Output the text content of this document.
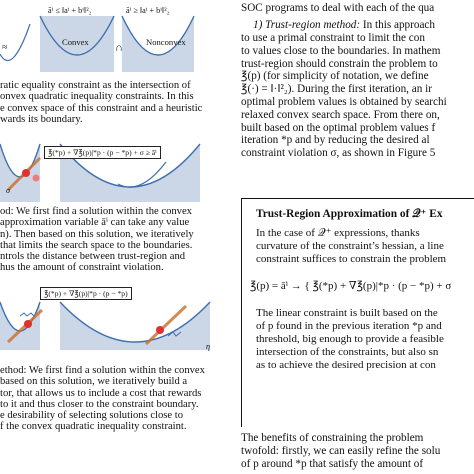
āⁱ ≤ ‖aⁱ + bⁱ‖²₂	āⁱ ≥ ‖aⁱ + bⁱ‖²₂
≈	∩
Convex	Nonconvex
ratic equality constraint as the intersection of
onvex quadratic inequality constraints. In this
e convex space of this constraint and a heuristic
wards its boundary.
℥(*p) + ∇℥(p)|*p · (p − *p) + σ ≥ āⁱ
σ
od: We first find a solution within the convex
approximation variable āⁱ can take any value
n). Then based on this solution, we iteratively
that limits the search space to the boundaries.
ntrols the distance between trust-region and
hus the amount of constraint violation.
℥(*p) + ∇℥(p)|*p · (p − *p)
η
ethod: We first find a solution within the convex
based on this solution, we iteratively build a
tor, that allows us to include a cost that rewards
to it and thus closer to the constraint boundary.
e desirability of selecting solutions close to
f the convex quadratic inequality constraint.
SOC programs to deal with each of the qua
1) Trust-region method: In this approach
to use a primal constraint to limit the con
to values close to the boundaries. In mathem
trust-region should constrain the problem to
℥(p) (for simplicity of notation, we define
℥(·) = ‖·‖²₂). During the first iteration, an ir
optimal problem values is obtained by searchi
relaxed convex search space. From there on,
built based on the optimal problem values f
iteration *p and by reducing the desired al
constraint violation σ, as shown in Figure 5
Trust-Region Approximation of 𝒬⁺ Ex
In the case of 𝒬⁺ expressions, thanks
curvature of the constraint’s hessian, a line
constraint suffices to constrain the problem
℥(p) = āⁱ → { ℥(*p) + ∇℥(p)|*p · (p − *p) + σ
The linear constraint is built based on the
of p found in the previous iteration *p and
threshold, big enough to provide a feasible
intersection of the constraints, but also sn
as to achieve the desired precision at con
The benefits of constraining the problem
twofold: firstly, we can easily refine the solu
of p around *p that satisfy the amount of
